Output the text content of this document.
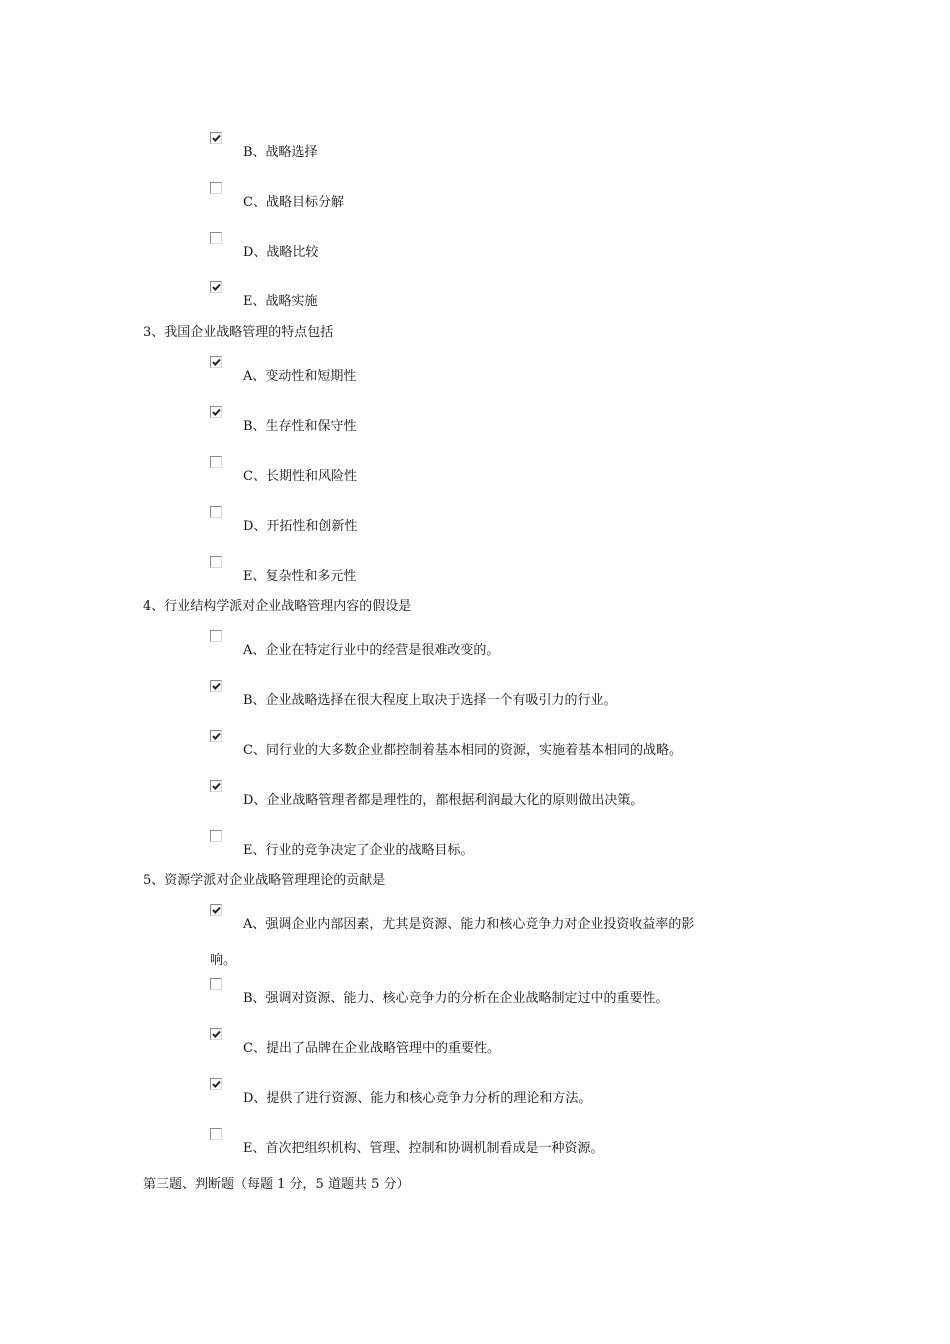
B、战略选择
C、战略目标分解
D、战略比较
E、战略实施
3、我国企业战略管理的特点包括
A、变动性和短期性
B、生存性和保守性
C、长期性和风险性
D、开拓性和创新性
E、复杂性和多元性
4、行业结构学派对企业战略管理内容的假设是
A、企业在特定行业中的经营是很难改变的。
B、企业战略选择在很大程度上取决于选择一个有吸引力的行业。
C、同行业的大多数企业都控制着基本相同的资源，实施着基本相同的战略。
D、企业战略管理者都是理性的，都根据利润最大化的原则做出决策。
E、行业的竞争决定了企业的战略目标。
5、资源学派对企业战略管理理论的贡献是
A、强调企业内部因素，尤其是资源、能力和核心竞争力对企业投资收益率的影
响。
B、强调对资源、能力、核心竞争力的分析在企业战略制定过中的重要性。
C、提出了品牌在企业战略管理中的重要性。
D、提供了进行资源、能力和核心竞争力分析的理论和方法。
E、首次把组织机构、管理、控制和协调机制看成是一种资源。
第三题、判断题（每题 1 分，5 道题共 5 分）
